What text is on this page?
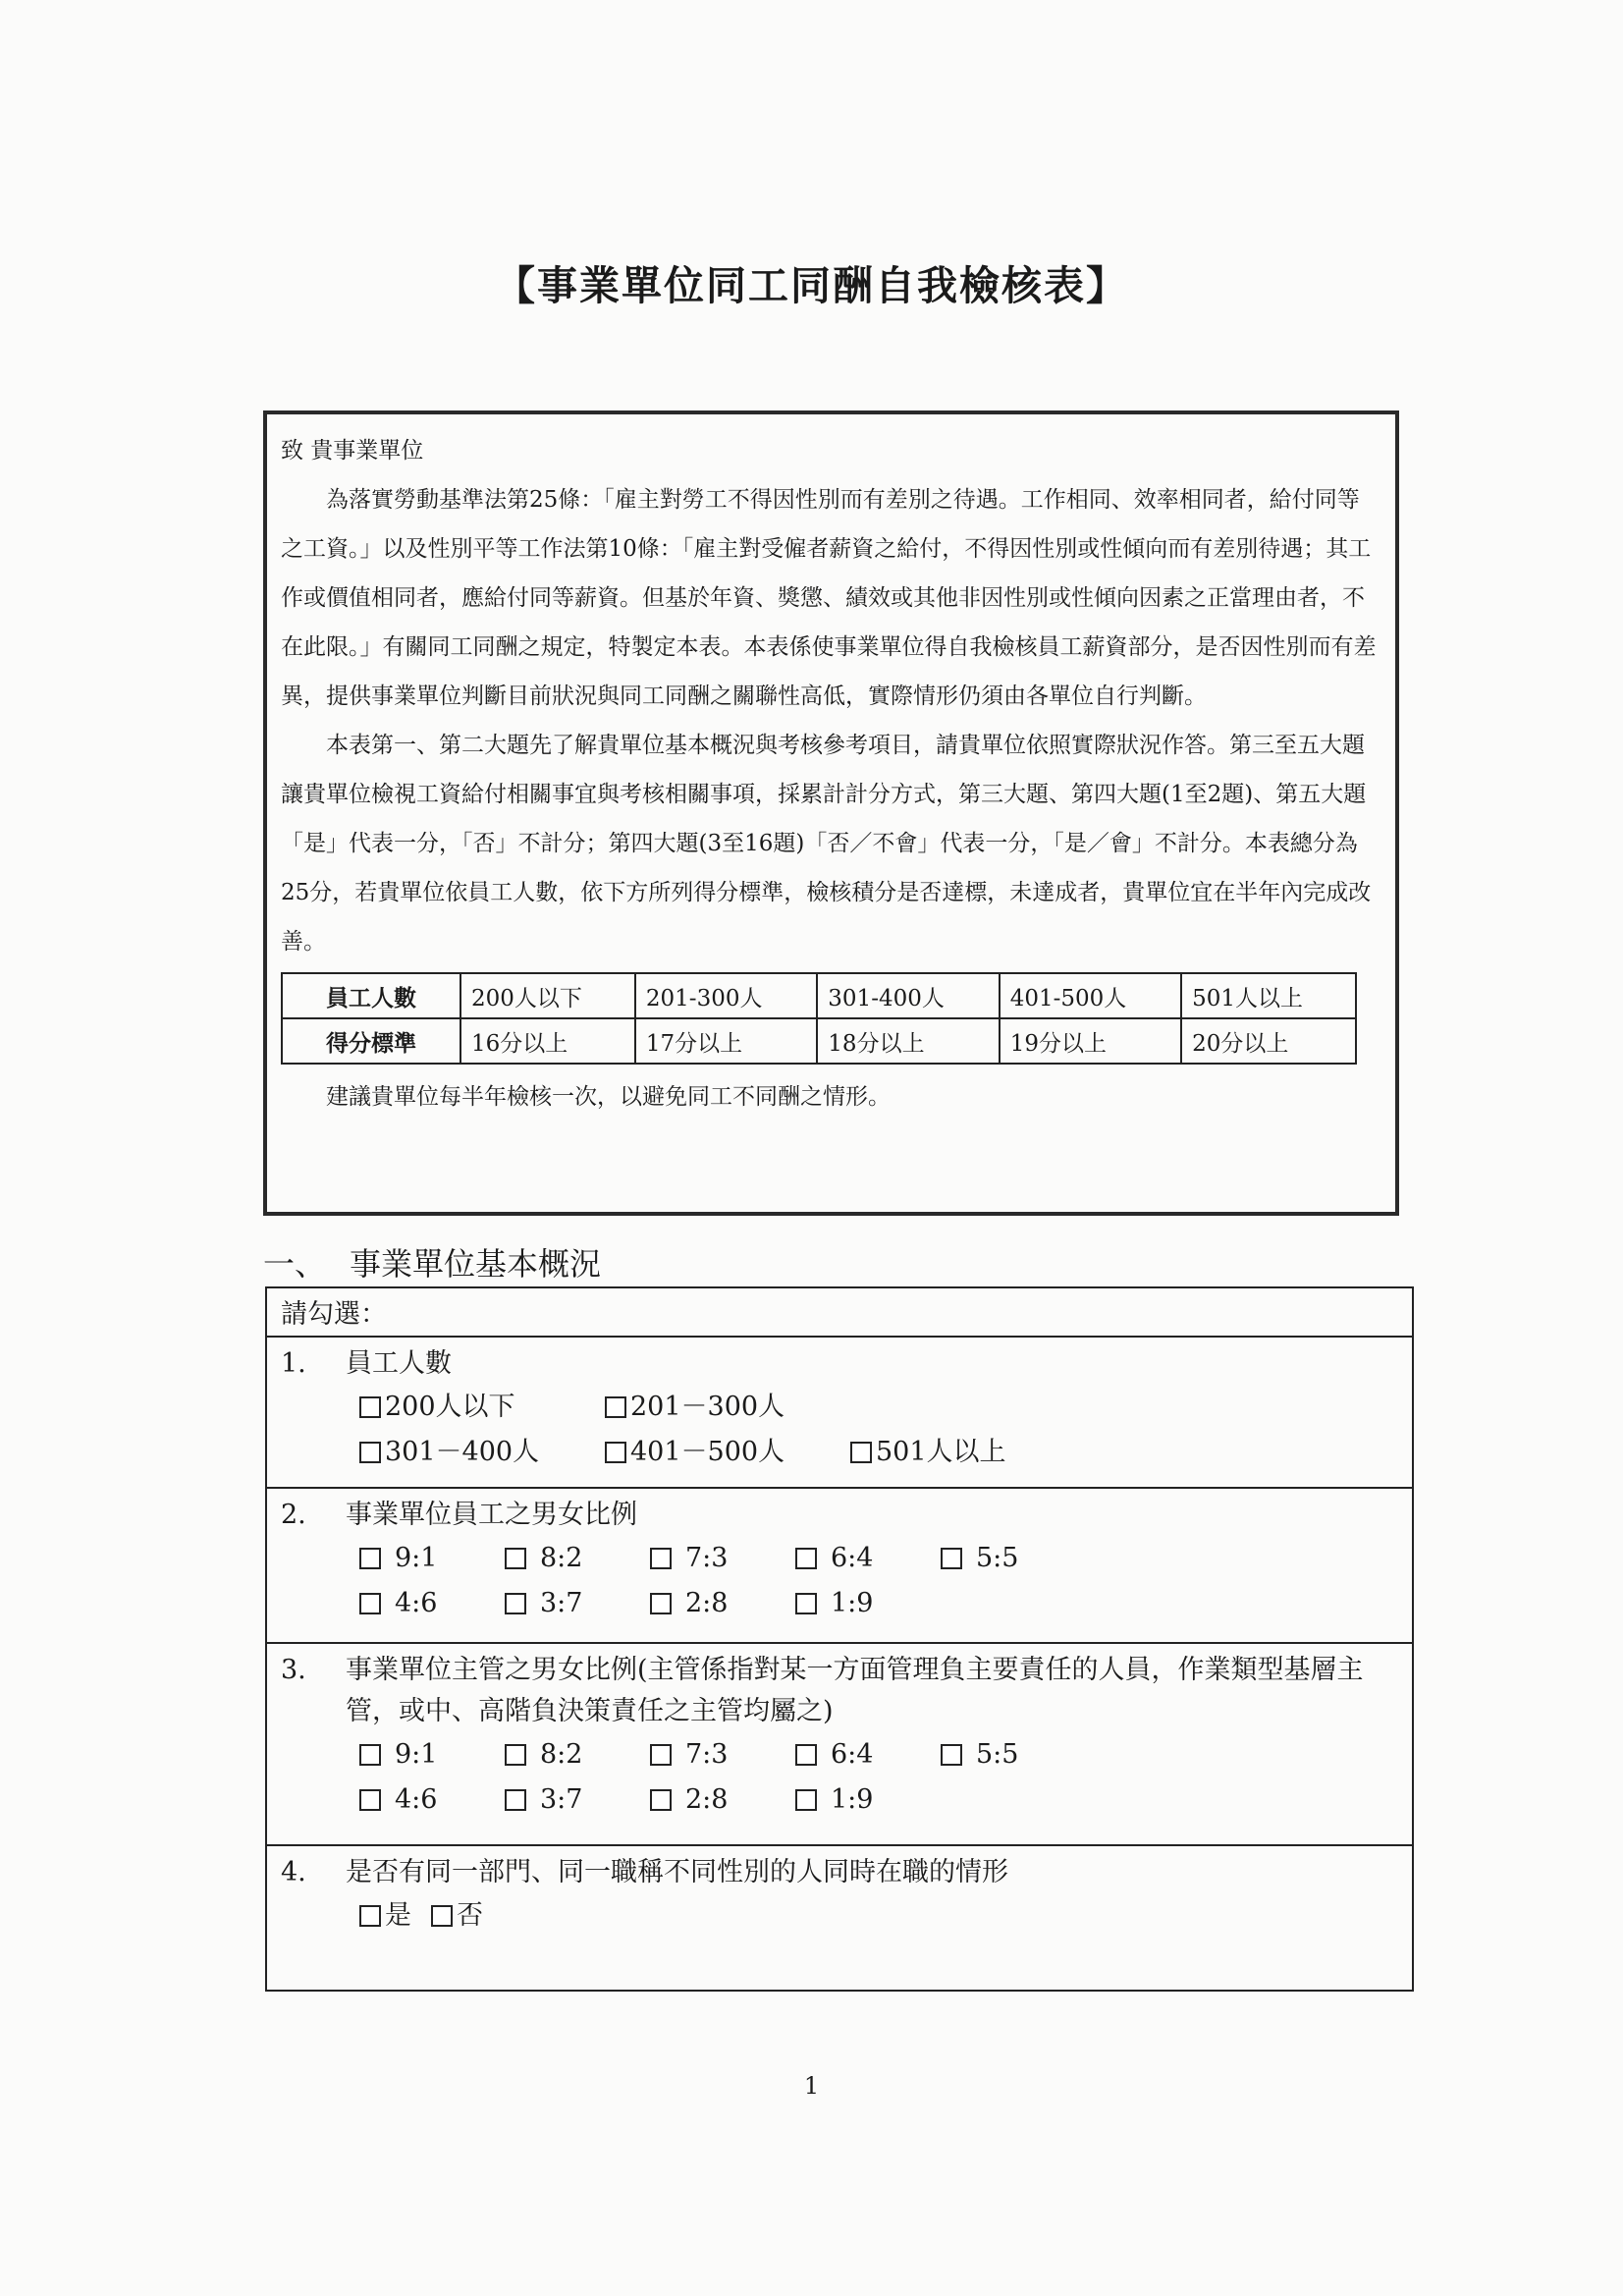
【事業單位同工同酬自我檢核表】

致 貴事業單位

為落實勞動基準法第25條：「雇主對勞工不得因性別而有差別之待遇。工作相同、效率相同者，給付同等之工資。」以及性別平等工作法第10條：「雇主對受僱者薪資之給付，不得因性別或性傾向而有差別待遇；其工作或價值相同者，應給付同等薪資。但基於年資、獎懲、績效或其他非因性別或性傾向因素之正當理由者，不在此限。」有關同工同酬之規定，特製定本表。本表係使事業單位得自我檢核員工薪資部分，是否因性別而有差異，提供事業單位判斷目前狀況與同工同酬之關聯性高低，實際情形仍須由各單位自行判斷。

本表第一、第二大題先了解貴單位基本概況與考核參考項目，請貴單位依照實際狀況作答。第三至五大題讓貴單位檢視工資給付相關事宜與考核相關事項，採累計計分方式，第三大題、第四大題(1至2題)、第五大題「是」代表一分，「否」不計分；第四大題(3至16題)「否／不會」代表一分，「是／會」不計分。本表總分為25分，若貴單位依員工人數，依下方所列得分標準，檢核積分是否達標，未達成者，貴單位宜在半年內完成改善。

員工人數	200人以下	201-300人	301-400人	401-500人	501人以上
得分標準	16分以上	17分以上	18分以上	19分以上	20分以上

建議貴單位每半年檢核一次，以避免同工不同酬之情形。

一、 事業單位基本概況
請勾選：
1.	員工人數
200人以下	201－300人
301－400人	401－500人	501人以上
2.	事業單位員工之男女比例
9:1	8:2	7:3	6:4	5:5
4:6	3:7	2:8	1:9
3.	事業單位主管之男女比例(主管係指對某一方面管理負主要責任的人員，作業類型基層主管，或中、高階負決策責任之主管均屬之)
9:1	8:2	7:3	6:4	5:5
4:6	3:7	2:8	1:9
4.	是否有同一部門、同一職稱不同性別的人同時在職的情形
是 否
1
